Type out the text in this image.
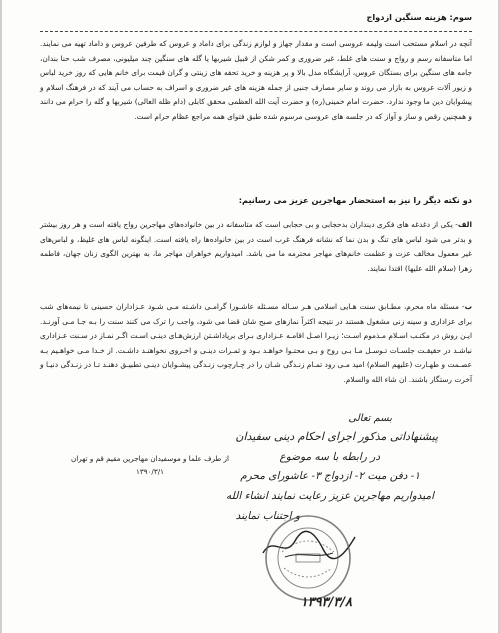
سوم: هزینه سنگین ازدواج
آنچه در اسلام مستحب است ولیمه عروسی است و مقدار جهاز و لوازم زندگی برای داماد و عروس که طرفین عروس و داماد تهیه می نمایند. اما متاسفانه رسم و رواج و سنت های غلط، غیر ضروری و کمر شکن از قبیل شیربها یا گله های سنگین چند میلیونی، مصرف شب حنا بندان، جامه های سنگین برای بستگان عروس، آرایشگاه مدل بالا و پر هزینه و خرید تحفه های زینتی و گران قیمت برای خانم هایی که روز خرید لباس و زیور آلات عروس به بازار می روند و سایر مصارف جنبی از جمله هزینه های غیر ضروری و اسراف به حساب می آیند که در فرهنگ اسلام و پیشوایان دین ما وجود ندارد. حضرت امام خمینی(ره) و حضرت آیت الله العظمی محقق کابلی (دام ظله العالی) شیربها و گله را حرام می دانند و همچنین رقص و ساز و آواز که در جلسه های عروسی مرسوم شده طبق فتوای همه مراجع عظام حرام است.
دو نکته دیگر را نیز به استحضار مهاجرین عزیز می رسانیم:
الف- یکی از دغدغه های فکری دینداران بدحجابی و بی حجابی است که متاسفانه در بین خانواده‌های مهاجرین رواج یافته است و هر روز بیشتر و بدتر می شود لباس های تنگ و بدن نما که نشانه فرهنگ غرب است در بین خانواده‌ها راه یافته است. اینگونه لباس های غلیظ، و لباس‌های غیر معمول مخالف عزت و عظمت خانم‌های مهاجر محترمه ما می باشد. امیدواریم خواهران مهاجر ما، به بهترین الگوی زنان جهان، فاطمه زهرا (سلام الله علیها) اقتدا نمایند.
ب- مسئله ماه محرم، مطـابق سنت هـایی اسلامی هـر سـاله مسـئله عاشـورا گرامـی داشـته مـی شـود عـزاداران حسینی تا نیمه‌های شب برای عزاداری و سینه زنی مشغول هستند در نتیجه اکثراً نمازهای صبح شان قضا می شود، واجب را ترک می کنند سنت را بـه جـا مـی آورنـد. ایـن روش در مکتـب اسـلام مـذموم اسـت؛ زیـرا اصـل اقامـه عـزاداری بـرای برپاداشـتن ارزش‌هـای دینـی اسـت اگـر نمـاز در سـنت عـزاداری نباشـد در حقیقـت جلسـات تـوسـل مـا بـی روح و بـی محتـوا خواهـد بـود و ثمـرات دینـی و اخـروی نخواهنـد داشـت. از خـدا مـی خواهـیم بـه عصـمت و طهـارت (علیهم السلام) امید مـی رود تمـام زنـدگی شـان را در چـارچوب زنـدگی پیشـوایان دینـی تطبیـق دهنـد تـا در زنـدگی دنیـا و آخرت رستگار باشند. ان شاء الله والسلام.
از طرف علما و موسفیدان مهاجرین مقیم قم و تهران
۱۳۹۰/۳/۱
بسم تعالی
پیشنهاداتی مذکور اجرای احکام دینی سفیدان
در رابطه با سه موضوع
۱- دفن میت ۲- ازدواج ۳- عاشورای محرم
امیدواریم مهاجرین عزیز رعایت نمایند انشاء الله
و اجتناب نمایند
۱۳۹۳/۳/۸
